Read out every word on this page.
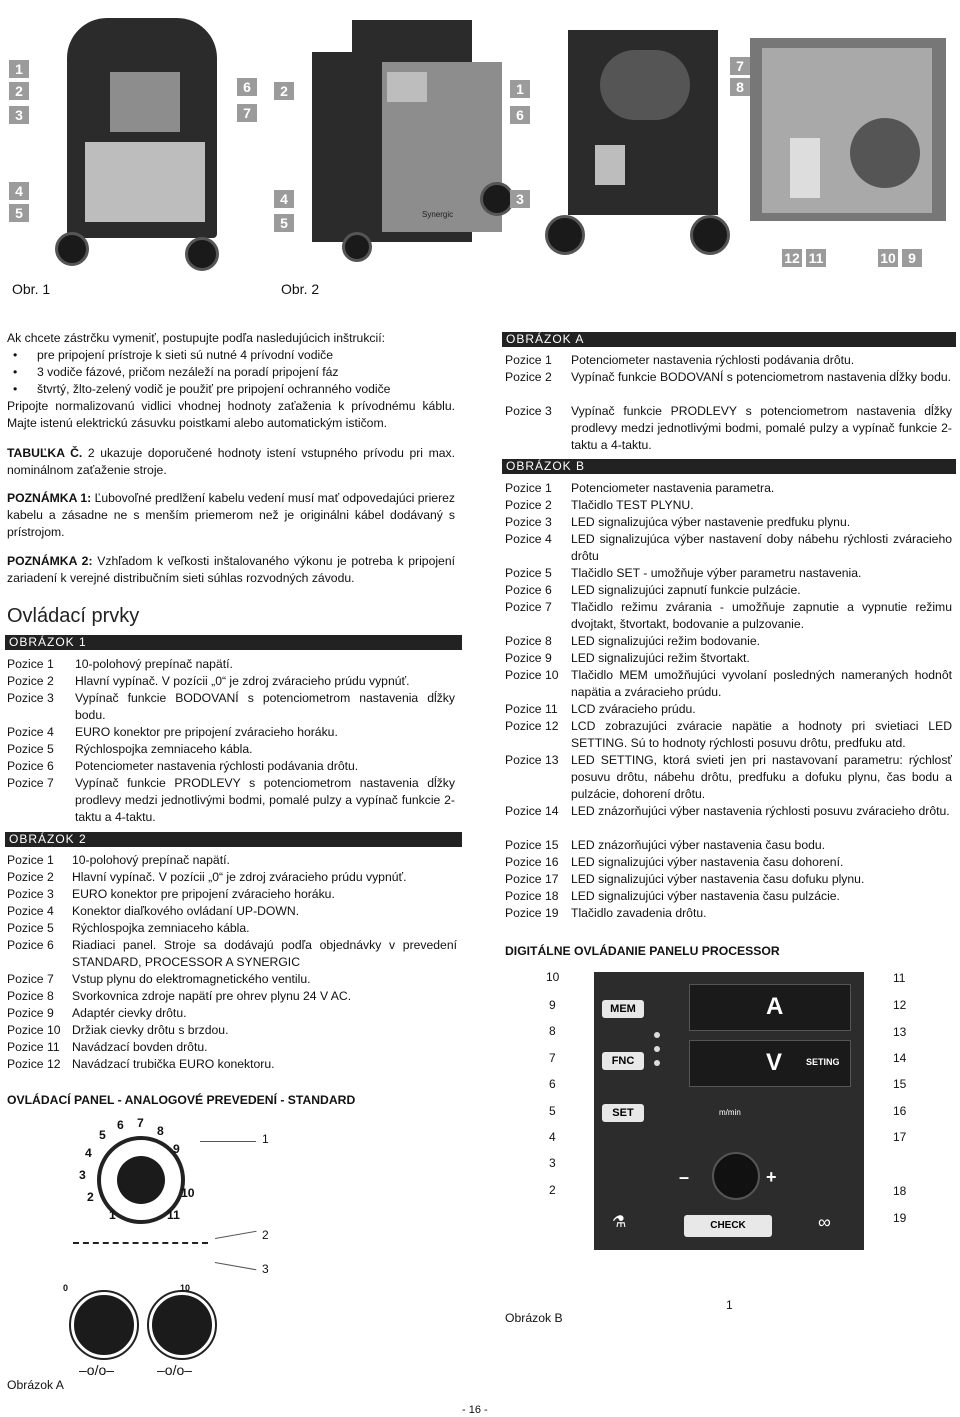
1
2
3
4
5
6
7
Obr. 1
Synergic
2
4
5
1
6
3
Obr. 2
7
8
12 11	10 9
Ak chcete zástrčku vymeniť, postupujte podľa nasledujúcich inštrukcií:
• pre pripojení prístroje k sieti sú nutné 4 prívodní vodiče
• 3 vodiče fázové, pričom nezáleží na poradí pripojení fáz
• štvrtý, žlto-zelený vodič je použiť pre pripojení ochranného vodiče
Pripojte normalizovanú vidlici vhodnej hodnoty zaťaženia k prívodnému káblu. Majte istenú elektrickú zásuvku poistkami alebo automatickým ističom.
TABUĽKA Č. 2 ukazuje doporučené hodnoty istení vstupného prívodu pri max. nominálnom zaťaženie stroje.
POZNÁMKA 1: Ľubovoľné predlžení kabelu vedení musí mať odpovedajúci prierez kabelu a zásadne ne s menším priemerom než je originálni kábel dodávaný s prístrojom.
POZNÁMKA 2: Vzhľadom k veľkosti inštalovaného výkonu je potreba k pripojení zariadení k verejné distribučním sieti súhlas rozvodných závodu.
Ovládací prvky
OBRÁZOK 1
Pozice 1 10-polohový prepínač napätí.
Pozice 2 Hlavní vypínač. V pozícii „0“ je zdroj zváracieho prúdu vypnúť.
Pozice 3 Vypínač funkcie BODOVANÍ s potenciometrom nastavenia dĺžky bodu.
Pozice 4 EURO konektor pre pripojení zváracieho horáku.
Pozice 5 Rýchlospojka zemniaceho kábla.
Pozice 6 Potenciometer nastavenia rýchlosti podávania drôtu.
Pozice 7 Vypínač funkcie PRODLEVY s potenciometrom nastavenia dĺžky prodlevy medzi jednotlivými bodmi, pomalé pulzy a vypínač funkcie 2-taktu a 4-taktu.
OBRÁZOK 2
Pozice 1 10-polohový prepínač napätí.
Pozice 2 Hlavní vypínač. V pozícii „0“ je zdroj zváracieho prúdu vypnúť.
Pozice 3 EURO konektor pre pripojení zváracieho horáku.
Pozice 4 Konektor diaľkového ovládaní UP-DOWN.
Pozice 5 Rýchlospojka zemniaceho kábla.
Pozice 6 Riadiaci panel. Stroje sa dodávajú podľa objednávky v prevedení STANDARD, PROCESSOR A SYNERGIC
Pozice 7 Vstup plynu do elektromagnetického ventilu.
Pozice 8 Svorkovnica zdroje napätí pre ohrev plynu 24 V AC.
Pozice 9 Adaptér cievky drôtu.
Pozice 10 Držiak cievky drôtu s brzdou.
Pozice 11 Navádzací bovden drôtu.
Pozice 12 Navádzací trubička EURO konektoru.
OVLÁDACÍ PANEL - ANALOGOVÉ PREVEDENÍ - STANDARD
1
2
3
4
5
6 7
8
9
10
11
–o/o–	–o/o–
0	10
1
2
3
Obrázok A
OBRÁZOK A
Pozice 1 Potenciometer nastavenia rýchlosti podávania drôtu.
Pozice 2 Vypínač funkcie BODOVANÍ s potenciometrom nastavenia dĺžky bodu.
Pozice 3 Vypínač funkcie PRODLEVY s potenciometrom nastavenia dĺžky prodlevy medzi jednotlivými bodmi, pomalé pulzy a vypínač funkcie 2-taktu a 4-taktu.
OBRÁZOK B
Pozice 1 Potenciometer nastavenia parametra.
Pozice 2 Tlačidlo TEST PLYNU.
Pozice 3 LED signalizujúca výber nastavenie predfuku plynu.
Pozice 4 LED signalizujúca výber nastavení doby nábehu rýchlosti zváracieho drôtu
Pozice 5 Tlačidlo SET - umožňuje výber parametru nastavenia.
Pozice 6 LED signalizujúci zapnutí funkcie pulzácie.
Pozice 7 Tlačidlo režimu zvárania - umožňuje zapnutie a vypnutie režimu dvojtakt, štvortakt, bodovanie a pulzovanie.
Pozice 8 LED signalizujúci režim bodovanie.
Pozice 9 LED signalizujúci režim štvortakt.
Pozice 10 Tlačidlo MEM umožňujúci vyvolaní posledných nameraných hodnôt napätia a zváracieho prúdu.
Pozice 11 LCD zváracieho prúdu.
Pozice 12 LCD zobrazujúci zváracie napätie a hodnoty pri svietiaci LED SETTING. Sú to hodnoty rýchlosti posuvu drôtu, predfuku atd.
Pozice 13 LED SETTING, ktorá svieti jen pri nastavovaní parametru: rýchlosť posuvu drôtu, nábehu drôtu, predfuku a dofuku plynu, čas bodu a pulzácie, dohorení drôtu.
Pozice 14 LED znázorňujúci výber nastavenia rýchlosti posuvu zváracieho drôtu.
Pozice 15 LED znázorňujúci výber nastavenia času bodu.
Pozice 16 LED signalizujúci výber nastavenia času dohorení.
Pozice 17 LED signalizujúci výber nastavenia času dofuku plynu.
Pozice 18 LED signalizujúci výber nastavenia času pulzácie.
Pozice 19 Tlačidlo zavadenia drôtu.
DIGITÁLNE OVLÁDANIE PANELU PROCESSOR
A
V	SETING
MEM
FNC
SET	m/min
–	+
CHECK
⚗	∞
10
9
8
7
6
5
4
3
2
11
12
13
14
15
16
17
18
19
1
Obrázok B
- 16 -
